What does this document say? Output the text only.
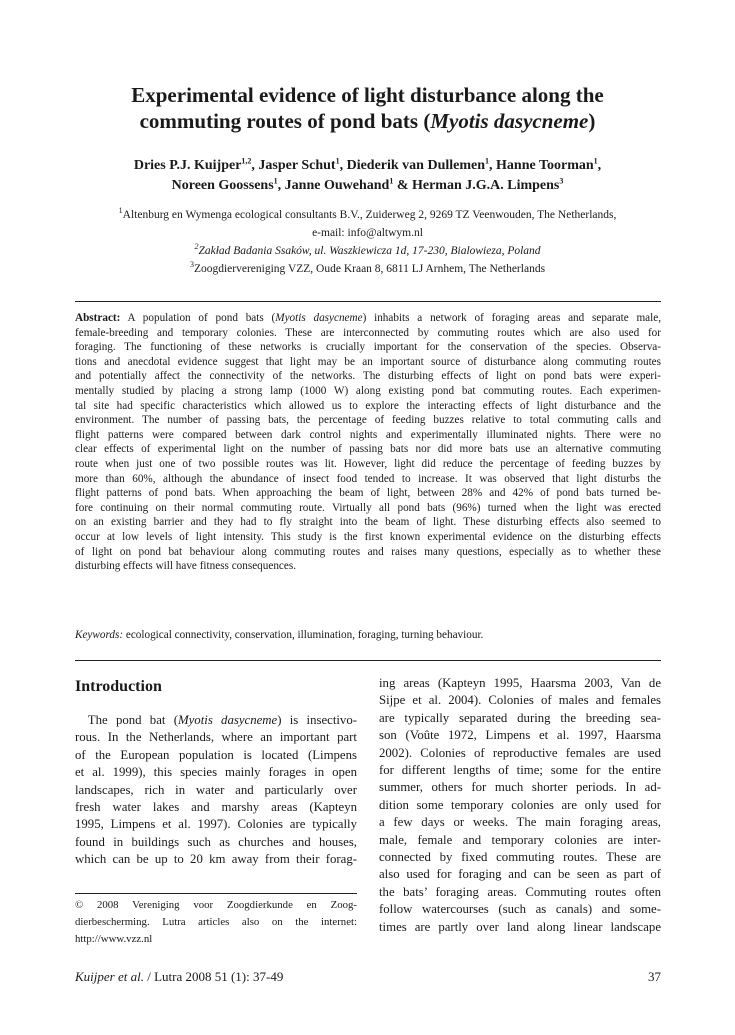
Experimental evidence of light disturbance along the
commuting routes of pond bats (Myotis dasycneme)
Dries P.J. Kuijper$^{1,2}$, Jasper Schut$^1$, Diederik van Dullemen$^1$, Hanne Toorman$^1$,
Noreen Goossens$^1$, Janne Ouwehand$^1$ & Herman J.G.A. Limpens$^3$
$^1$Altenburg en Wymenga ecological consultants B.V., Zuiderweg 2, 9269 TZ Veenwouden, The Netherlands,
e-mail: info@altwym.nl
$^2$Zakład Badania Ssaków, ul. Waszkiewicza 1d, 17-230, Bialowieza, Poland
$^3$Zoogdiervereniging VZZ, Oude Kraan 8, 6811 LJ Arnhem, The Netherlands
Abstract: A population of pond bats (Myotis dasycneme) inhabits a network of foraging areas and separate male,
female-breeding and temporary colonies. These are interconnected by commuting routes which are also used for
foraging. The functioning of these networks is crucially important for the conservation of the species. Observa-
tions and anecdotal evidence suggest that light may be an important source of disturbance along commuting routes
and potentially affect the connectivity of the networks. The disturbing effects of light on pond bats were experi-
mentally studied by placing a strong lamp (1000 W) along existing pond bat commuting routes. Each experimen-
tal site had specific characteristics which allowed us to explore the interacting effects of light disturbance and the
environment. The number of passing bats, the percentage of feeding buzzes relative to total commuting calls and
flight patterns were compared between dark control nights and experimentally illuminated nights. There were no
clear effects of experimental light on the number of passing bats nor did more bats use an alternative commuting
route when just one of two possible routes was lit. However, light did reduce the percentage of feeding buzzes by
more than 60%, although the abundance of insect food tended to increase. It was observed that light disturbs the
flight patterns of pond bats. When approaching the beam of light, between 28% and 42% of pond bats turned be-
fore continuing on their normal commuting route. Virtually all pond bats (96%) turned when the light was erected
on an existing barrier and they had to fly straight into the beam of light. These disturbing effects also seemed to
occur at low levels of light intensity. This study is the first known experimental evidence on the disturbing effects
of light on pond bat behaviour along commuting routes and raises many questions, especially as to whether these
disturbing effects will have fitness consequences.
Keywords: ecological connectivity, conservation, illumination, foraging, turning behaviour.
Introduction
 The pond bat (Myotis dasycneme) is insectivo-
rous. In the Netherlands, where an important part
of the European population is located (Limpens
et al. 1999), this species mainly forages in open
landscapes, rich in water and particularly over
fresh water lakes and marshy areas (Kapteyn
1995, Limpens et al. 1997). Colonies are typically
found in buildings such as churches and houses,
which can be up to 20 km away from their forag-
ing areas (Kapteyn 1995, Haarsma 2003, Van de
Sijpe et al. 2004). Colonies of males and females
are typically separated during the breeding sea-
son (Voûte 1972, Limpens et al. 1997, Haarsma
2002). Colonies of reproductive females are used
for different lengths of time; some for the entire
summer, others for much shorter periods. In ad-
dition some temporary colonies are only used for
a few days or weeks. The main foraging areas,
male, female and temporary colonies are inter-
connected by fixed commuting routes. These are
also used for foraging and can be seen as part of
the bats’ foraging areas. Commuting routes often
follow watercourses (such as canals) and some-
times are partly over land along linear landscape
© 2008 Vereniging voor Zoogdierkunde en Zoog-
dierbescherming. Lutra articles also on the internet:
http://www.vzz.nl
Kuijper et al. / Lutra 2008 51 (1): 37-49	37
